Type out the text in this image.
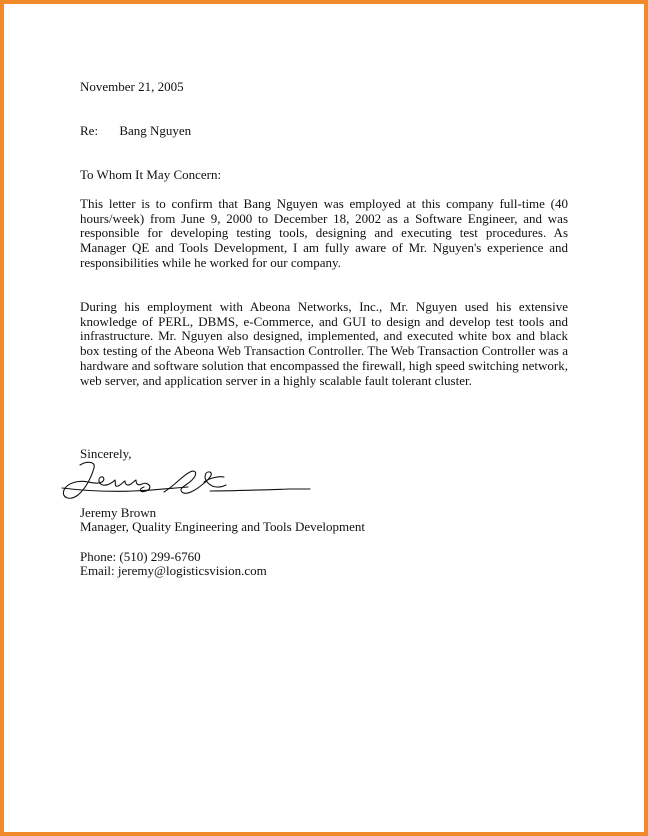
November 21, 2005
Re: Bang Nguyen
To Whom It May Concern:
This letter is to confirm that Bang Nguyen was employed at this company full-time (40 hours/week) from June 9, 2000 to December 18, 2002 as a Software Engineer, and was responsible for developing testing tools, designing and executing test procedures. As Manager QE and Tools Development, I am fully aware of Mr. Nguyen's experience and responsibilities while he worked for our company.
During his employment with Abeona Networks, Inc., Mr. Nguyen used his extensive knowledge of PERL, DBMS, e-Commerce, and GUI to design and develop test tools and infrastructure. Mr. Nguyen also designed, implemented, and executed white box and black box testing of the Abeona Web Transaction Controller. The Web Transaction Controller was a hardware and software solution that encompassed the firewall, high speed switching network, web server, and application server in a highly scalable fault tolerant cluster.
Sincerely,
Jeremy Brown
Manager, Quality Engineering and Tools Development
Phone: (510) 299-6760
Email: jeremy@logisticsvision.com
